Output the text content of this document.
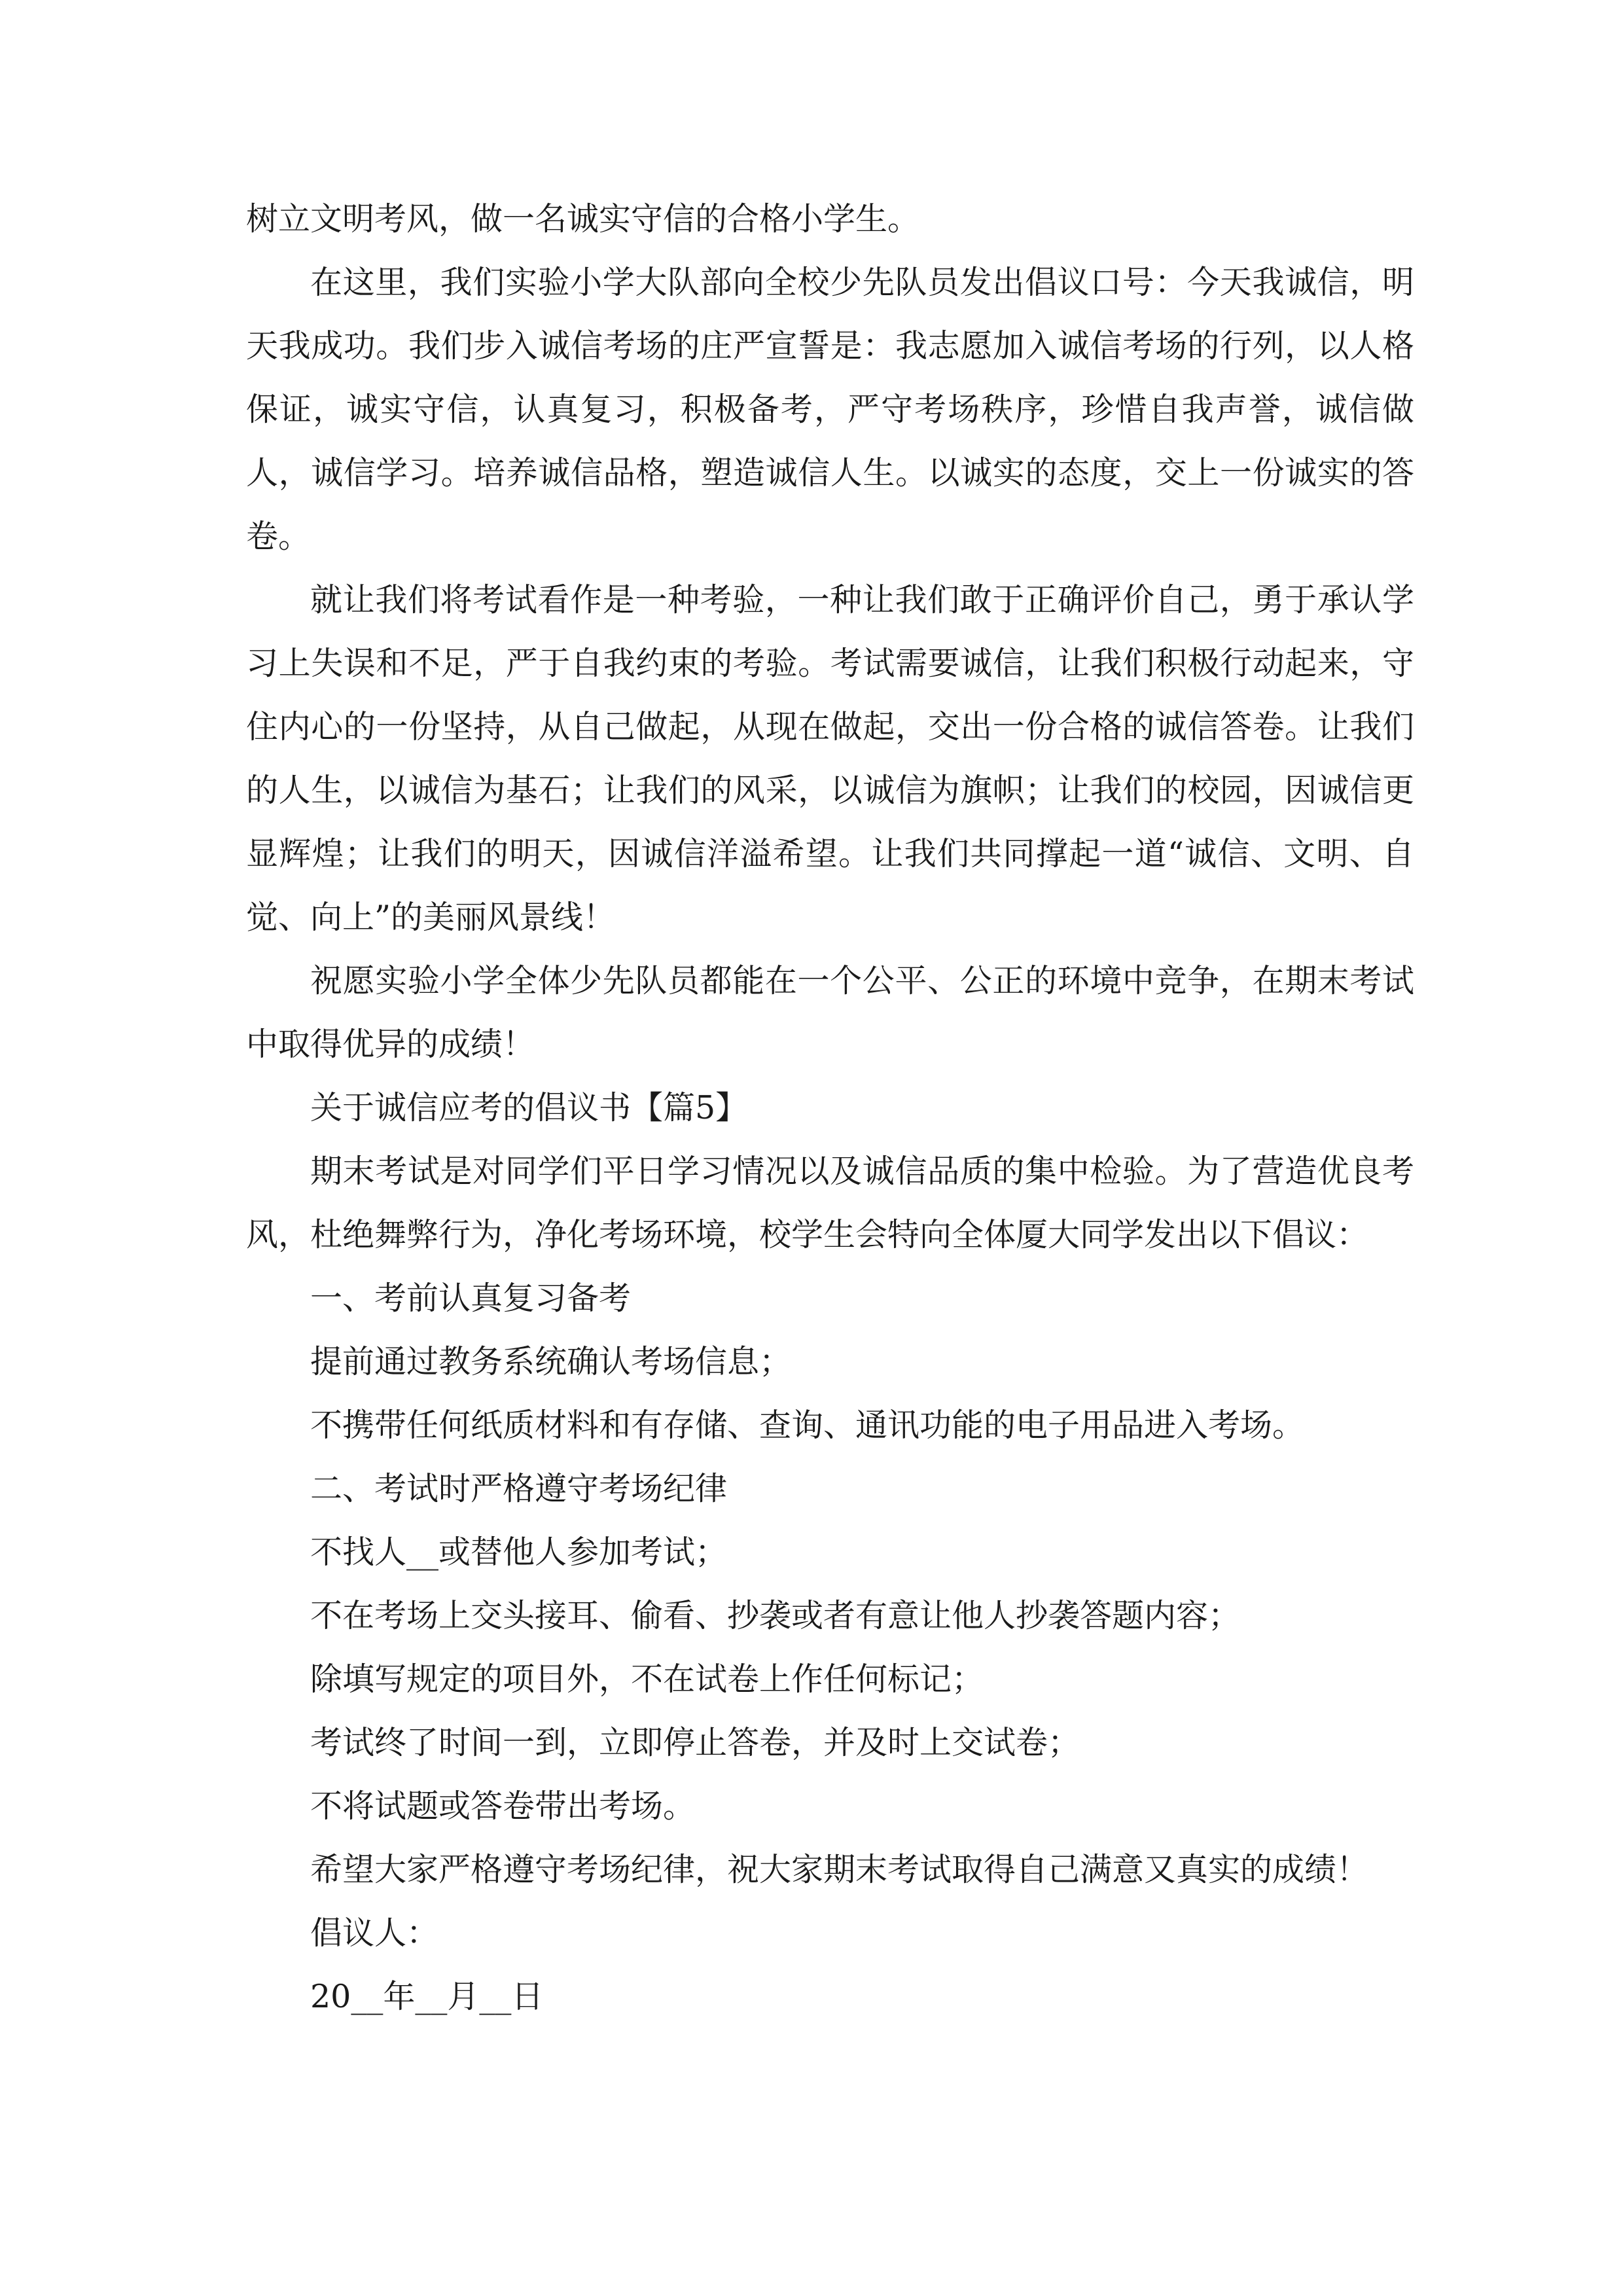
树立文明考风，做一名诚实守信的合格小学生。

在这里，我们实验小学大队部向全校少先队员发出倡议口号：今天我诚信，明天我成功。我们步入诚信考场的庄严宣誓是：我志愿加入诚信考场的行列，以人格保证，诚实守信，认真复习，积极备考，严守考场秩序，珍惜自我声誉，诚信做人，诚信学习。培养诚信品格，塑造诚信人生。以诚实的态度，交上一份诚实的答卷。

就让我们将考试看作是一种考验，一种让我们敢于正确评价自己，勇于承认学习上失误和不足，严于自我约束的考验。考试需要诚信，让我们积极行动起来，守住内心的一份坚持，从自己做起，从现在做起，交出一份合格的诚信答卷。让我们的人生，以诚信为基石；让我们的风采，以诚信为旗帜；让我们的校园，因诚信更显辉煌；让我们的明天，因诚信洋溢希望。让我们共同撑起一道“诚信、文明、自觉、向上”的美丽风景线！

祝愿实验小学全体少先队员都能在一个公平、公正的环境中竞争，在期末考试中取得优异的成绩！

关于诚信应考的倡议书【篇5】

期末考试是对同学们平日学习情况以及诚信品质的集中检验。为了营造优良考风，杜绝舞弊行为，净化考场环境，校学生会特向全体厦大同学发出以下倡议：

一、考前认真复习备考

提前通过教务系统确认考场信息；

不携带任何纸质材料和有存储、查询、通讯功能的电子用品进入考场。

二、考试时严格遵守考场纪律

不找人__或替他人参加考试；

不在考场上交头接耳、偷看、抄袭或者有意让他人抄袭答题内容；

除填写规定的项目外，不在试卷上作任何标记；

考试终了时间一到，立即停止答卷，并及时上交试卷；

不将试题或答卷带出考场。

希望大家严格遵守考场纪律，祝大家期末考试取得自己满意又真实的成绩！

倡议人：

20__年__月__日
